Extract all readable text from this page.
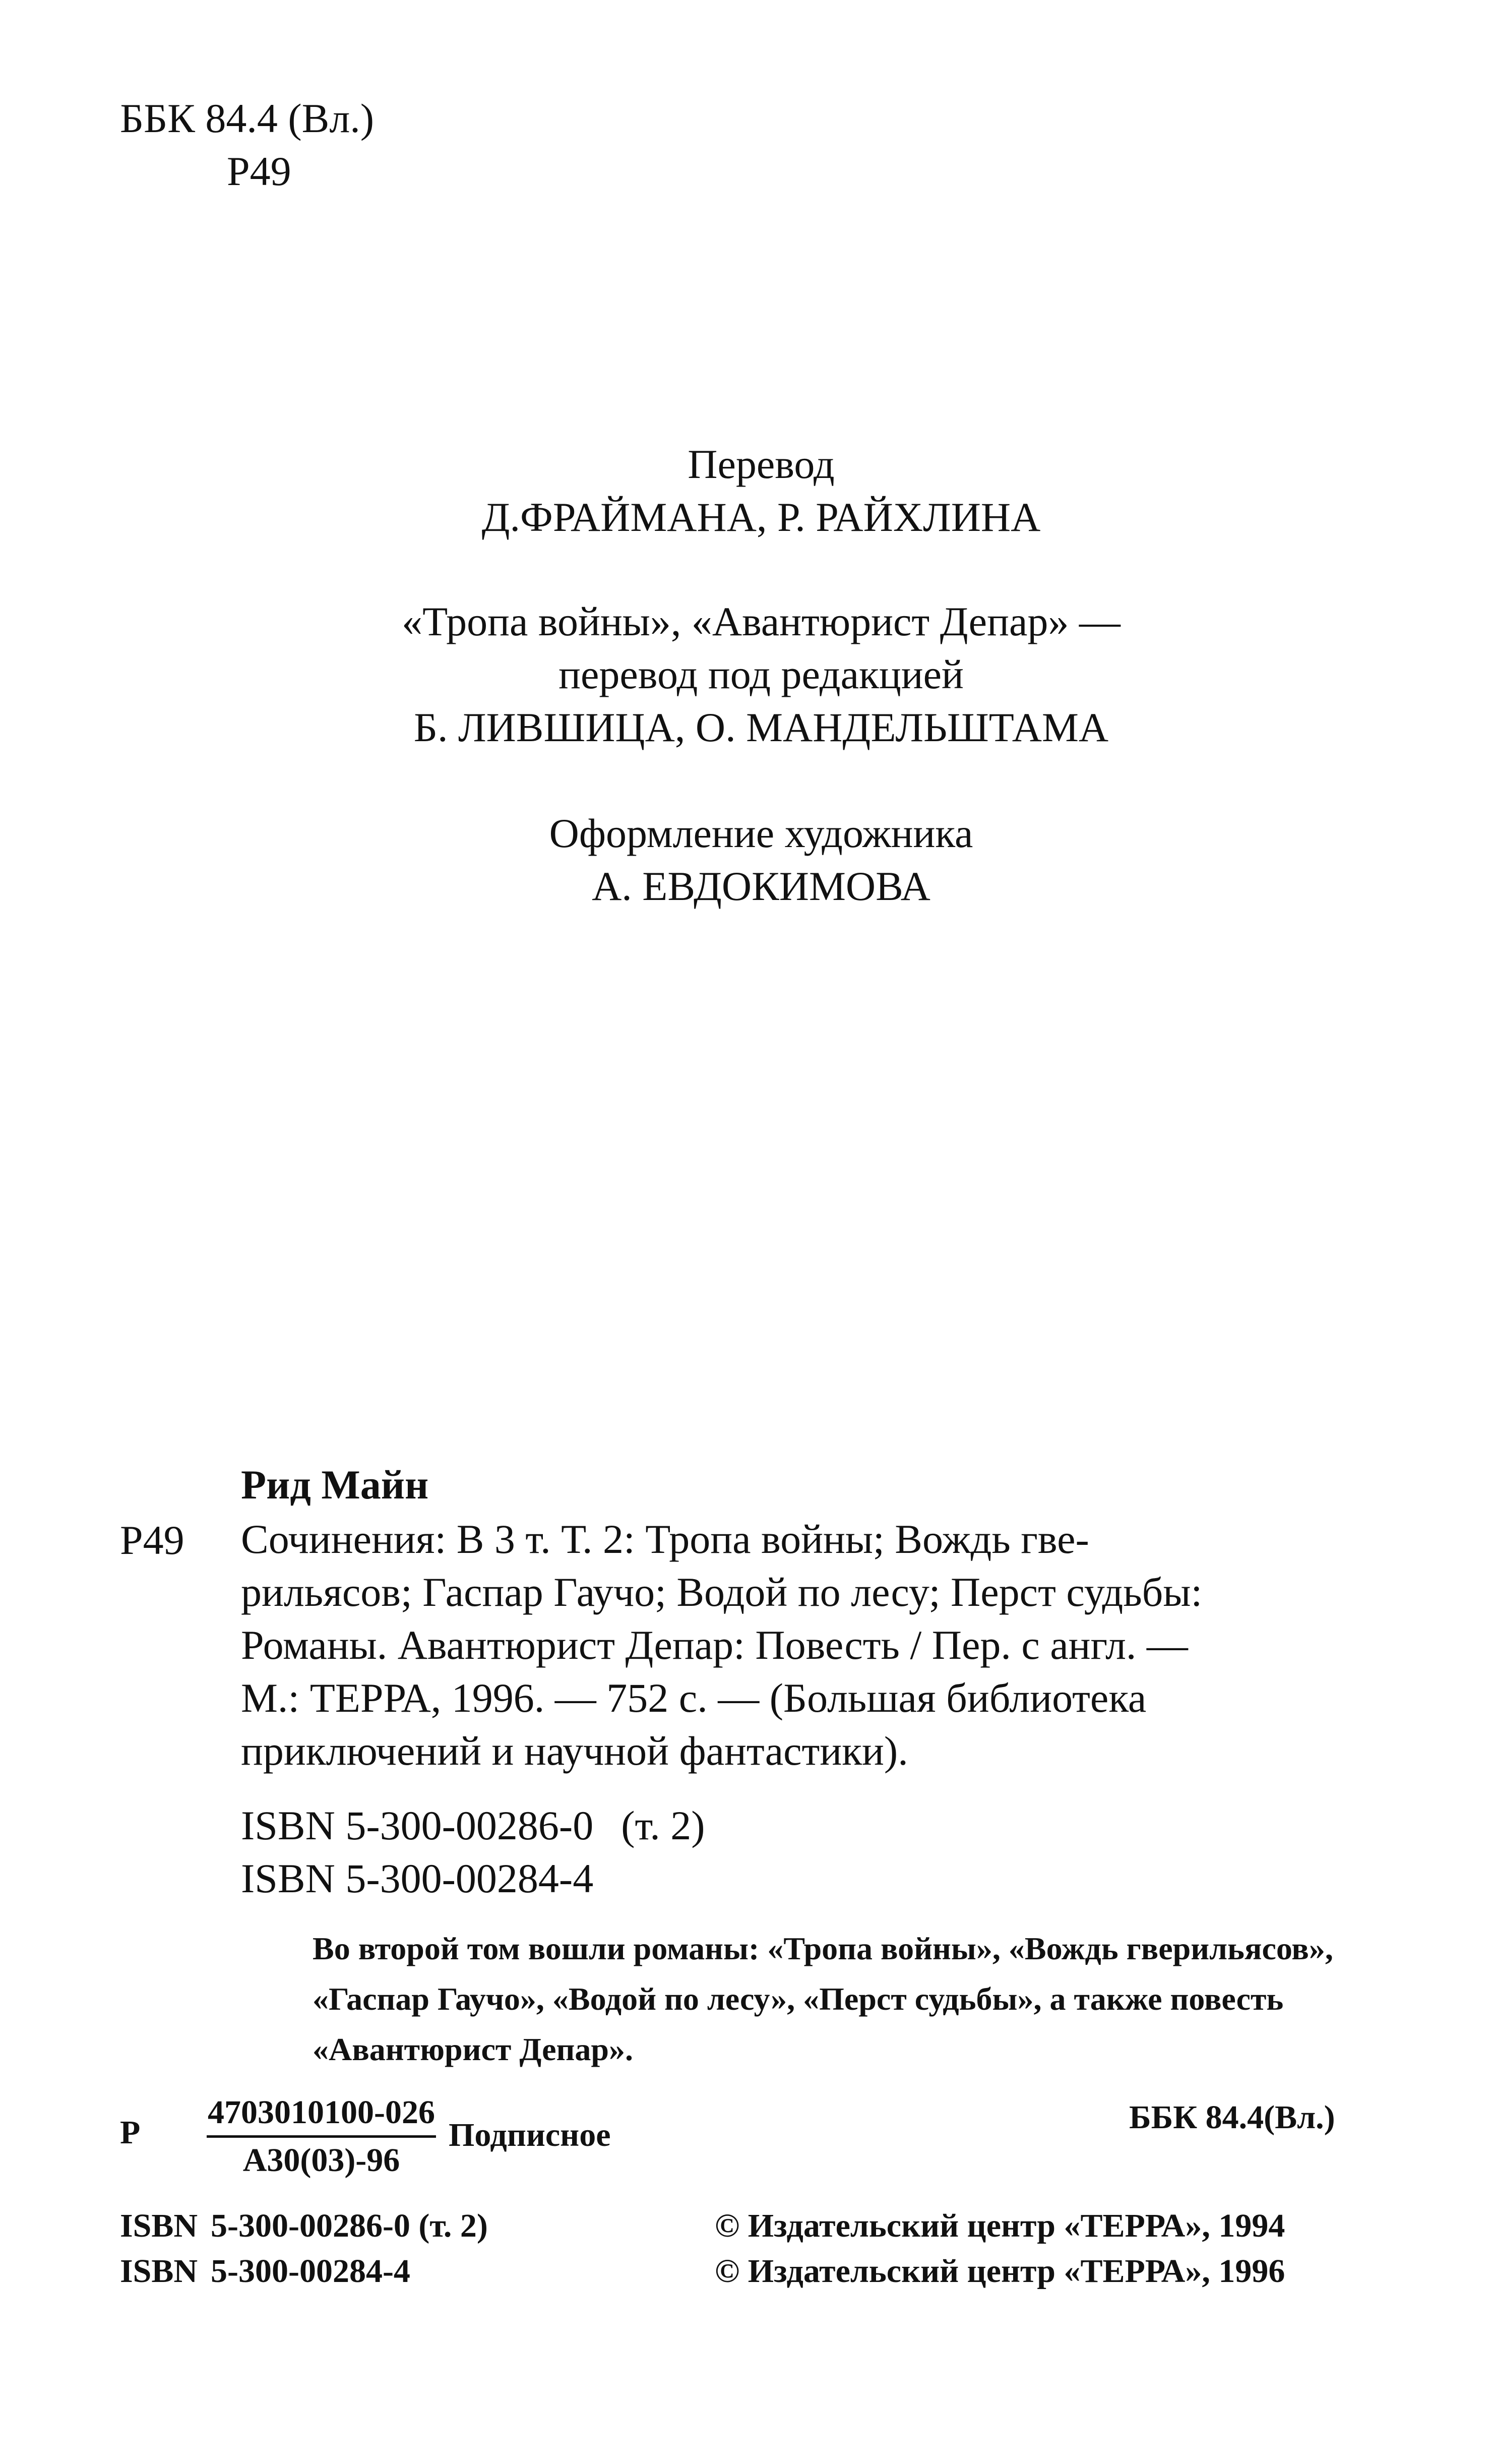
ББК 84.4 (Вл.)
Р49
Перевод
Д.ФРАЙМАНА, Р. РАЙХЛИНА
«Тропа войны», «Авантюрист Депар» —
перевод под редакцией
Б. ЛИВШИЦА, О. МАНДЕЛЬШТАМА
Оформление художника
А. ЕВДОКИМОВА
Рид Майн
Р49 Сочинения: В 3 т. Т. 2: Тропа войны; Вождь гве-
рильясов; Гаспар Гаучо; Водой по лесу; Перст судьбы:
Романы. Авантюрист Депар: Повесть / Пер. с англ. —
М.: ТЕРРА, 1996. — 752 с. — (Большая библиотека
приключений и научной фантастики).
ISBN 5-300-00286-0 (т. 2)
ISBN 5-300-00284-4
Во второй том вошли романы: «Тропа войны», «Вождь гверильясов», «Гаспар Гаучо», «Водой по лесу», «Перст судьбы», а также повесть «Авантюрист Депар».
Р
4703010100-026
А30(03)-96
Подписное	ББК 84.4(Вл.)
ISBN 5-300-00286-0 (т. 2)
ISBN 5-300-00284-4
© Издательский центр «ТЕРРА», 1994
© Издательский центр «ТЕРРА», 1996
